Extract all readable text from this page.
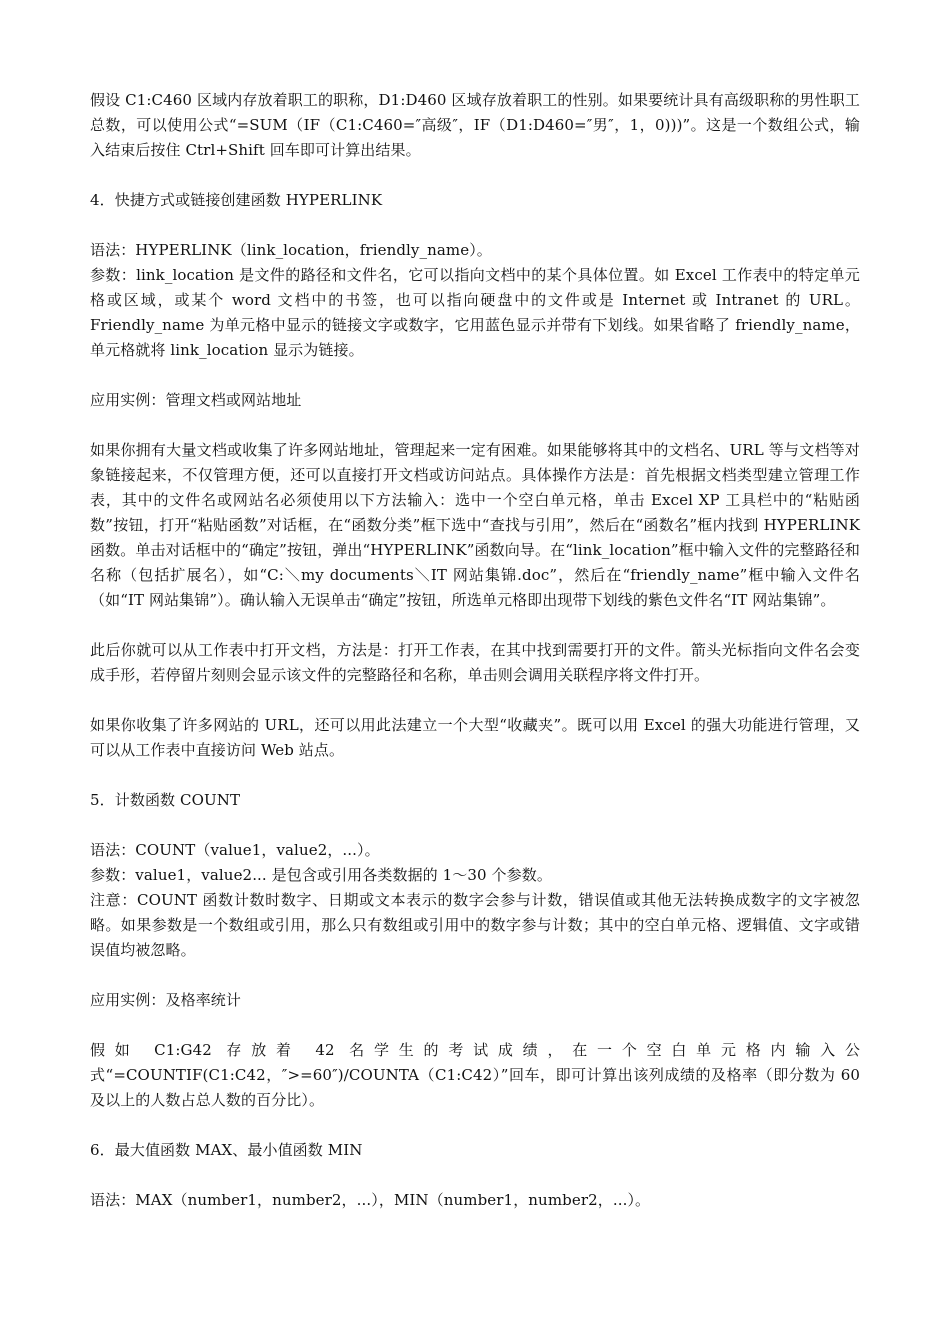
假设 C1:C460 区域内存放着职工的职称，D1:D460 区域存放着职工的性别。如果要统计具有高级职称的男性职工总数，可以使用公式“=SUM（IF（C1:C460=″高级″，IF（D1:D460=″男″，1，0)))”。这是一个数组公式，输入结束后按住 Ctrl+Shift 回车即可计算出结果。

4．快捷方式或链接创建函数 HYPERLINK

语法：HYPERLINK（link_location，friendly_name）。

参数：link_location 是文件的路径和文件名，它可以指向文档中的某个具体位置。如 Excel 工作表中的特定单元格或区域，或某个 word 文档中的书签，也可以指向硬盘中的文件或是 Internet 或 Intranet 的 URL。Friendly_name 为单元格中显示的链接文字或数字，它用蓝色显示并带有下划线。如果省略了 friendly_name，单元格就将 link_location 显示为链接。

应用实例：管理文档或网站地址

如果你拥有大量文档或收集了许多网站地址，管理起来一定有困难。如果能够将其中的文档名、URL 等与文档等对象链接起来，不仅管理方便，还可以直接打开文档或访问站点。具体操作方法是：首先根据文档类型建立管理工作表，其中的文件名或网站名必须使用以下方法输入：选中一个空白单元格，单击 Excel XP 工具栏中的“粘贴函数”按钮，打开“粘贴函数”对话框，在“函数分类”框下选中“查找与引用”，然后在“函数名”框内找到 HYPERLINK 函数。单击对话框中的“确定”按钮，弹出“HYPERLINK”函数向导。在“link_location”框中输入文件的完整路径和名称（包括扩展名），如“C:＼my documents＼IT 网站集锦.doc”，然后在“friendly_name”框中输入文件名（如“IT 网站集锦”）。确认输入无误单击“确定”按钮，所选单元格即出现带下划线的紫色文件名“IT 网站集锦”。

此后你就可以从工作表中打开文档，方法是：打开工作表，在其中找到需要打开的文件。箭头光标指向文件名会变成手形，若停留片刻则会显示该文件的完整路径和名称，单击则会调用关联程序将文件打开。

如果你收集了许多网站的 URL，还可以用此法建立一个大型“收藏夹”。既可以用 Excel 的强大功能进行管理，又可以从工作表中直接访问 Web 站点。

5．计数函数 COUNT

语法：COUNT（value1，value2，...）。

参数：value1，value2... 是包含或引用各类数据的 1～30 个参数。

注意：COUNT 函数计数时数字、日期或文本表示的数字会参与计数，错误值或其他无法转换成数字的文字被忽略。如果参数是一个数组或引用，那么只有数组或引用中的数字参与计数；其中的空白单元格、逻辑值、文字或错误值均被忽略。

应用实例：及格率统计

假如 C1:G42 存放着 42 名学生的考试成绩，在一个空白单元格内输入公式“=COUNTIF(C1:C42，″>=60″)/COUNTA（C1:C42）”回车，即可计算出该列成绩的及格率（即分数为 60 及以上的人数占总人数的百分比）。

6．最大值函数 MAX、最小值函数 MIN

语法：MAX（number1，number2，...），MIN（number1，number2，...）。
